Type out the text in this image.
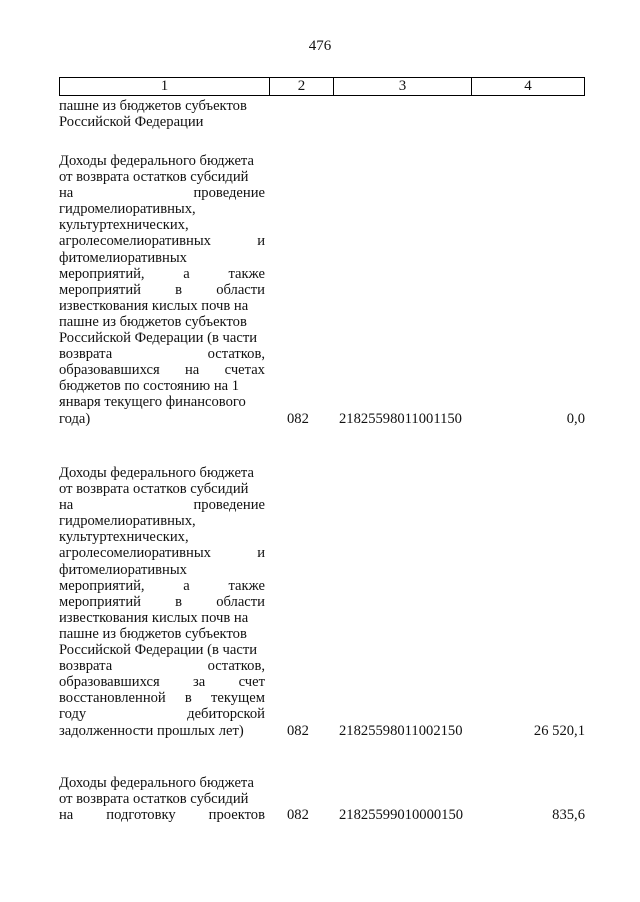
476
1	2	3	4
пашне из бюджетов субъектов
Российской Федерации
Доходы федерального бюджета
от возврата остатков субсидий
на	проведение
гидромелиоративных,
культуртехнических,
агролесомелиоративных	и
фитомелиоративных
мероприятий,	а	также
мероприятий в области
известкования кислых почв на
пашне из бюджетов субъектов
Российской Федерации (в части
возврата	остатков,
образовавшихся на счетах
бюджетов по состоянию на 1
января текущего финансового
года)	082 21825598011001150	0,0
Доходы федерального бюджета
от возврата остатков субсидий
на	проведение
гидромелиоративных,
культуртехнических,
агролесомелиоративных	и
фитомелиоративных
мероприятий,	а	также
мероприятий в области
известкования кислых почв на
пашне из бюджетов субъектов
Российской Федерации (в части
возврата	остатков,
образовавшихся за счет
восстановленной в текущем
году	дебиторской
задолженности прошлых лет)	082 21825598011002150	26 520,1
Доходы федерального бюджета
от возврата остатков субсидий
на подготовку проектов 082 21825599010000150	835,6
